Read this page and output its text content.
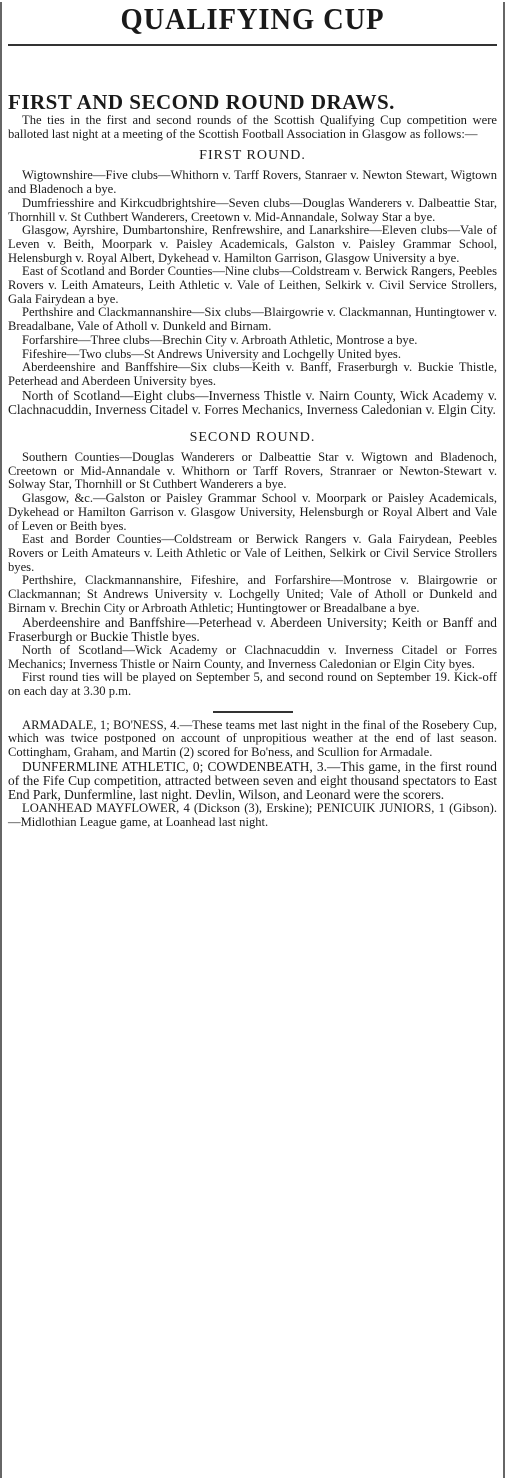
QUALIFYING CUP
FIRST AND SECOND ROUND DRAWS.

The ties in the first and second rounds of the Scottish Qualifying Cup competition were balloted last night at a meeting of the Scottish Football Association in Glasgow as follows:—

FIRST ROUND.

Wigtownshire—Five clubs—Whithorn v. Tarff Rovers, Stanraer v. Newton Stewart, Wigtown and Bladenoch a bye.

Dumfriesshire and Kirkcudbrightshire—Seven clubs—Douglas Wanderers v. Dalbeattie Star, Thornhill v. St Cuthbert Wanderers, Creetown v. Mid-Annandale, Solway Star a bye.

Glasgow, Ayrshire, Dumbartonshire, Renfrewshire, and Lanarkshire—Eleven clubs—Vale of Leven v. Beith, Moorpark v. Paisley Academicals, Galston v. Paisley Grammar School, Helensburgh v. Royal Albert, Dykehead v. Hamilton Garrison, Glasgow University a bye.

East of Scotland and Border Counties—Nine clubs—Coldstream v. Berwick Rangers, Peebles Rovers v. Leith Amateurs, Leith Athletic v. Vale of Leithen, Selkirk v. Civil Service Strollers, Gala Fairydean a bye.

Perthshire and Clackmannanshire—Six clubs—Blairgowrie v. Clackmannan, Huntingtower v. Breadalbane, Vale of Atholl v. Dunkeld and Birnam.

Forfarshire—Three clubs—Brechin City v. Arbroath Athletic, Montrose a bye.

Fifeshire—Two clubs—St Andrews University and Lochgelly United byes.

Aberdeenshire and Banffshire—Six clubs—Keith v. Banff, Fraserburgh v. Buckie Thistle, Peterhead and Aberdeen University byes.

North of Scotland—Eight clubs—Inverness Thistle v. Nairn County, Wick Academy v. Clachnacuddin, Inverness Citadel v. Forres Mechanics, Inverness Caledonian v. Elgin City.

SECOND ROUND.

Southern Counties—Douglas Wanderers or Dalbeattie Star v. Wigtown and Bladenoch, Creetown or Mid-Annandale v. Whithorn or Tarff Rovers, Stranraer or Newton-Stewart v. Solway Star, Thornhill or St Cuthbert Wanderers a bye.

Glasgow, &c.—Galston or Paisley Grammar School v. Moorpark or Paisley Academicals, Dykehead or Hamilton Garrison v. Glasgow University, Helensburgh or Royal Albert and Vale of Leven or Beith byes.

East and Border Counties—Coldstream or Berwick Rangers v. Gala Fairydean, Peebles Rovers or Leith Amateurs v. Leith Athletic or Vale of Leithen, Selkirk or Civil Service Strollers byes.

Perthshire, Clackmannanshire, Fifeshire, and Forfarshire—Montrose v. Blairgowrie or Clackmannan; St Andrews University v. Lochgelly United; Vale of Atholl or Dunkeld and Birnam v. Brechin City or Arbroath Athletic; Huntingtower or Breadalbane a bye.

Aberdeenshire and Banffshire—Peterhead v. Aberdeen University; Keith or Banff and Fraserburgh or Buckie Thistle byes.

North of Scotland—Wick Academy or Clachnacuddin v. Inverness Citadel or Forres Mechanics; Inverness Thistle or Nairn County, and Inverness Caledonian or Elgin City byes.

First round ties will be played on September 5, and second round on September 19. Kick-off on each day at 3.30 p.m.

ARMADALE, 1; BO'NESS, 4.—These teams met last night in the final of the Rosebery Cup, which was twice postponed on account of unpropitious weather at the end of last season. Cottingham, Graham, and Martin (2) scored for Bo'ness, and Scullion for Armadale.

DUNFERMLINE ATHLETIC, 0; COWDENBEATH, 3.—This game, in the first round of the Fife Cup competition, attracted between seven and eight thousand spectators to East End Park, Dunfermline, last night. Devlin, Wilson, and Leonard were the scorers.

LOANHEAD MAYFLOWER, 4 (Dickson (3), Erskine); PENICUIK JUNIORS, 1 (Gibson).—Midlothian League game, at Loanhead last night.
